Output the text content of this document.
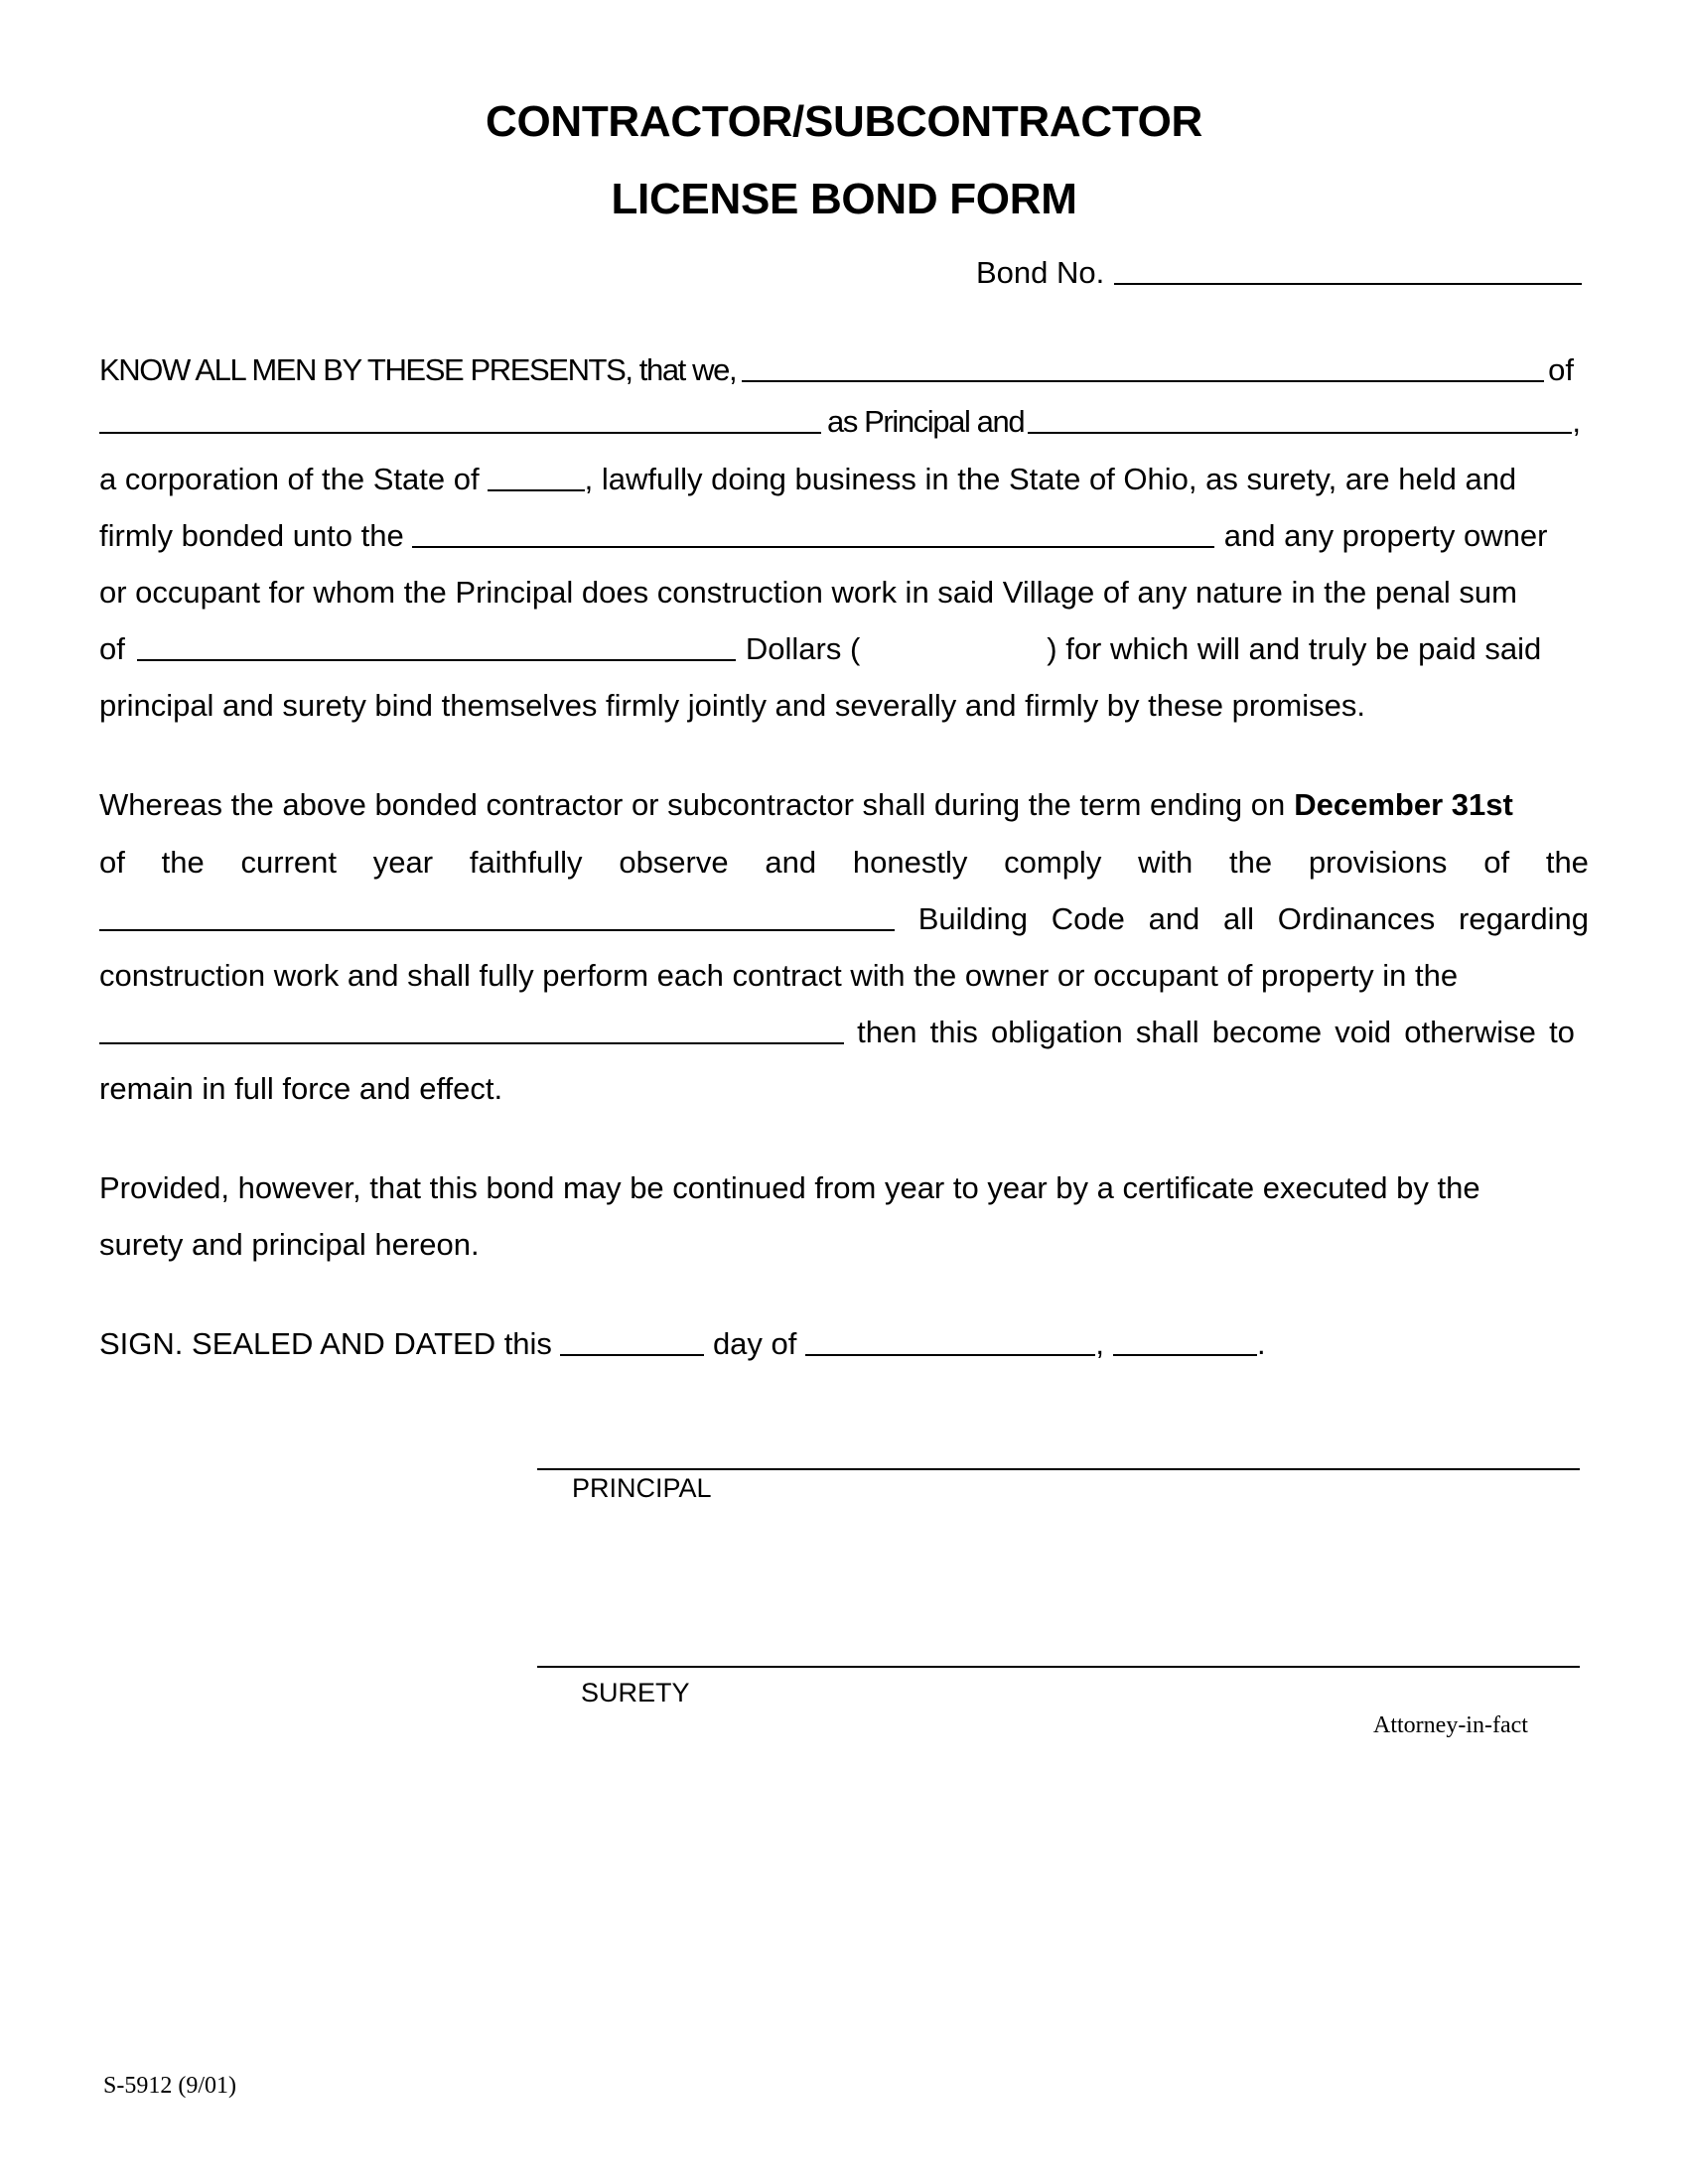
CONTRACTOR/SUBCONTRACTOR
LICENSE BOND FORM
Bond No.
KNOW ALL MEN BY THESE PRESENTS, that we,	of
as Principal and	,
a corporation of the State of	, lawfully doing business in the State of Ohio, as surety, are held and
firmly bonded unto the	and any property owner
or occupant for whom the Principal does construction work in said Village of any nature in the penal sum
of	Dollars (	) for which will and truly be paid said
principal and surety bind themselves firmly jointly and severally and firmly by these promises.
Whereas the above bonded contractor or subcontractor shall during the term ending on December 31st
of the current year faithfully observe and honestly comply with the provisions of the
Building Code and all Ordinances regarding
construction work and shall fully perform each contract with the owner or occupant of property in the
then this obligation shall become void otherwise to
remain in full force and effect.
Provided, however, that this bond may be continued from year to year by a certificate executed by the
surety and principal hereon.
SIGN. SEALED AND DATED this	day of	,	.
PRINCIPAL
SURETY
Attorney-in-fact
S-5912 (9/01)
